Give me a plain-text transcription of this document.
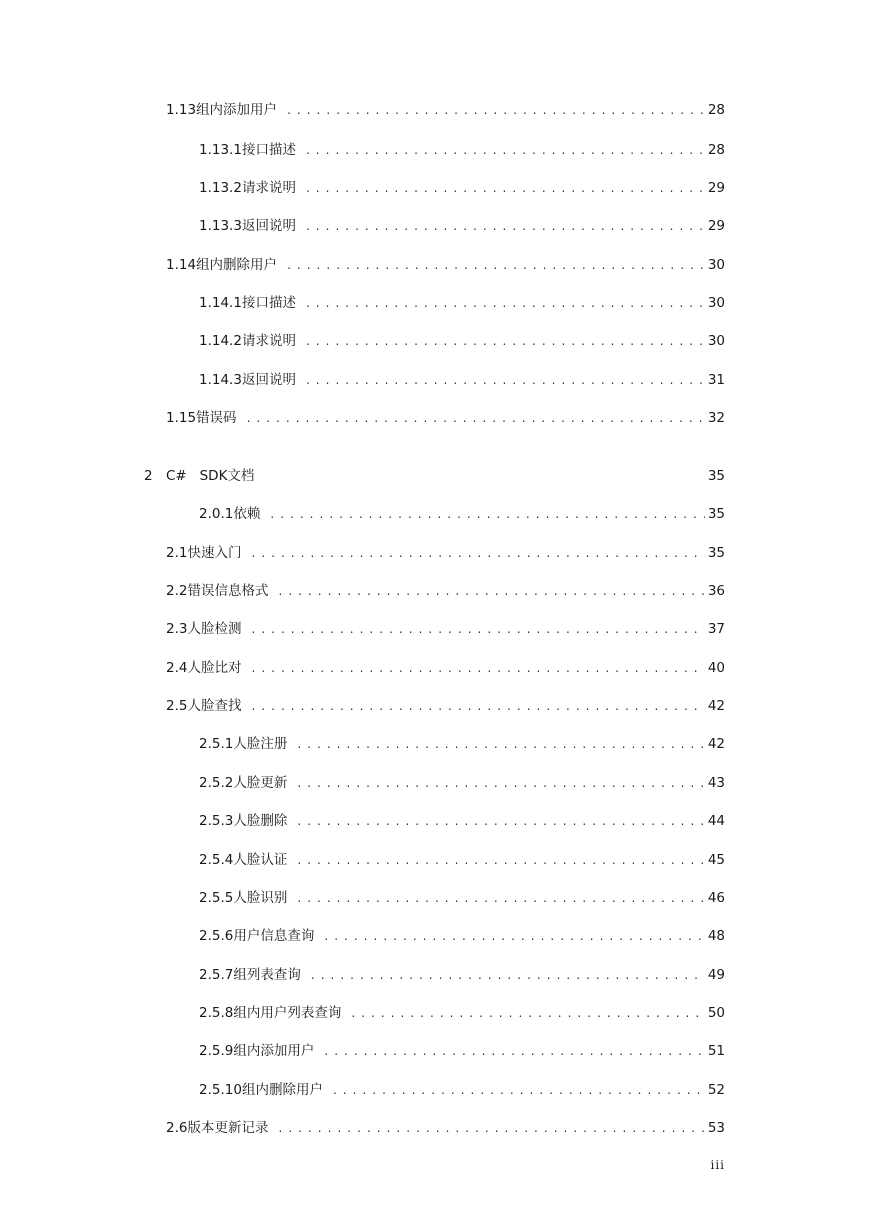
1.13 组内添加用户 . . .	28
1.13.1 接口描述 . . .	28
1.13.2 请求说明 . . .	29
1.13.3 返回说明 . . .	29
1.14 组内删除用户 . . .	30
1.14.1 接口描述 . . .	30
1.14.2 请求说明 . . .	30
1.14.3 返回说明 . . .	31
1.15 错误码 . . .	32
2 C#   SDK文档	35
2.0.1 依赖 . . .	35
2.1 快速入门 . . .	35
2.2 错误信息格式 . . .	36
2.3 人脸检测 . . .	37
2.4 人脸比对 . . .	40
2.5 人脸查找 . . .	42
2.5.1 人脸注册 . . .	42
2.5.2 人脸更新 . . .	43
2.5.3 人脸删除 . . .	44
2.5.4 人脸认证 . . .	45
2.5.5 人脸识别 . . .	46
2.5.6 用户信息查询 . . .	48
2.5.7 组列表查询 . . .	49
2.5.8 组内用户列表查询 . . .	50
2.5.9 组内添加用户 . . .	51
2.5.10 组内删除用户 . . .	52
2.6 版本更新记录 . . .	53
iii
